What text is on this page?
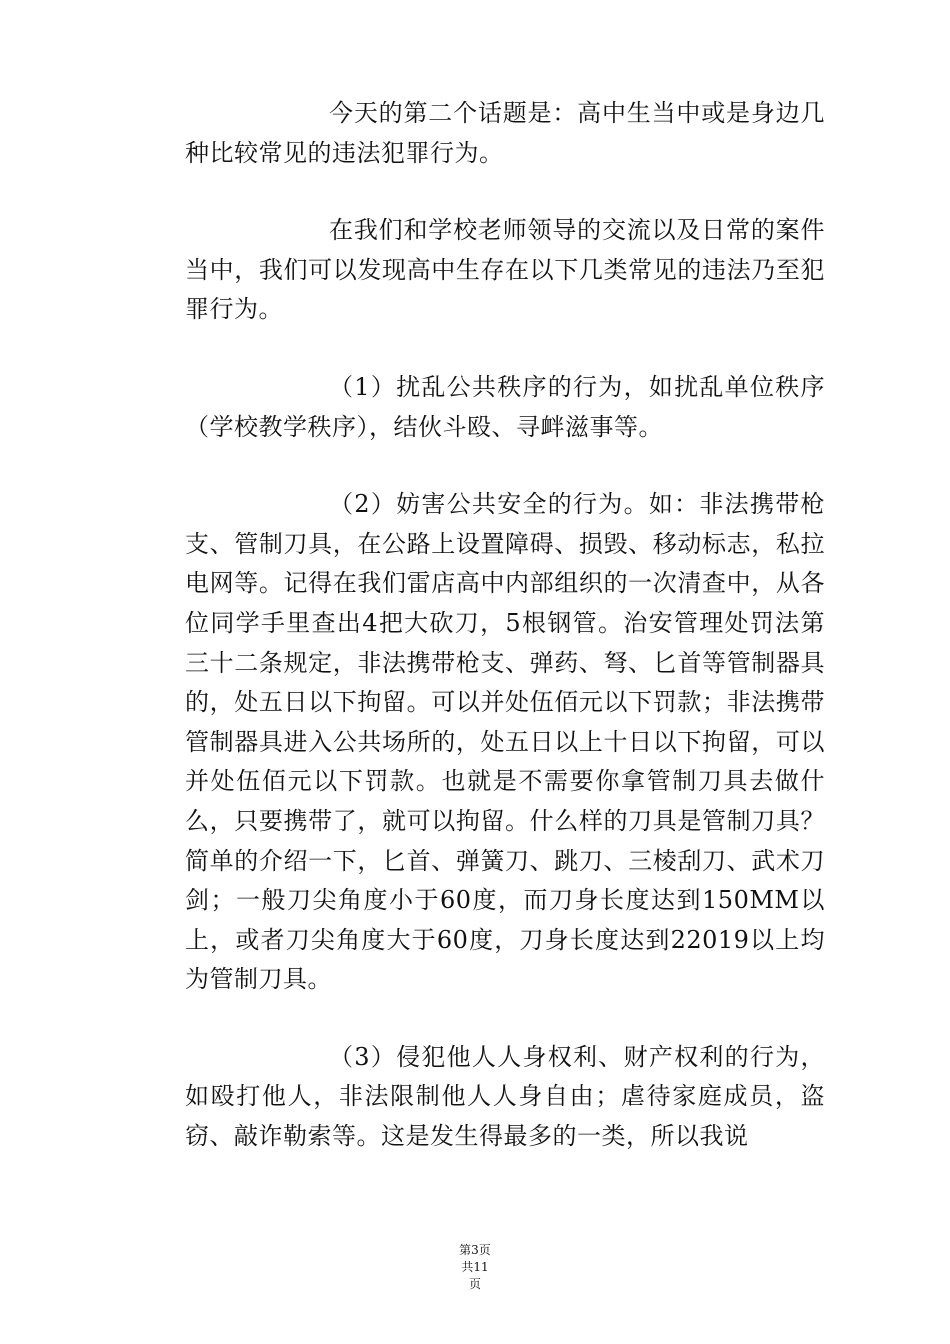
今天的第二个话题是：高中生当中或是身边几种比较常见的违法犯罪行为。

在我们和学校老师领导的交流以及日常的案件当中，我们可以发现高中生存在以下几类常见的违法乃至犯罪行为。

（1）扰乱公共秩序的行为，如扰乱单位秩序（学校教学秩序），结伙斗殴、寻衅滋事等。

（2）妨害公共安全的行为。如：非法携带枪支、管制刀具，在公路上设置障碍、损毁、移动标志，私拉电网等。记得在我们雷店高中内部组织的一次清查中，从各位同学手里查出4把大砍刀，5根钢管。治安管理处罚法第三十二条规定，非法携带枪支、弹药、弩、匕首等管制器具的，处五日以下拘留。可以并处伍佰元以下罚款；非法携带管制器具进入公共场所的，处五日以上十日以下拘留，可以并处伍佰元以下罚款。也就是不需要你拿管制刀具去做什么，只要携带了，就可以拘留。什么样的刀具是管制刀具？简单的介绍一下，匕首、弹簧刀、跳刀、三棱刮刀、武术刀剑；一般刀尖角度小于60度，而刀身长度达到150MM以上，或者刀尖角度大于60度，刀身长度达到22019以上均为管制刀具。

（3）侵犯他人人身权利、财产权利的行为，如殴打他人，非法限制他人人身自由；虐待家庭成员，盗窃、敲诈勒索等。这是发生得最多的一类，所以我说

第3页
共11
页
